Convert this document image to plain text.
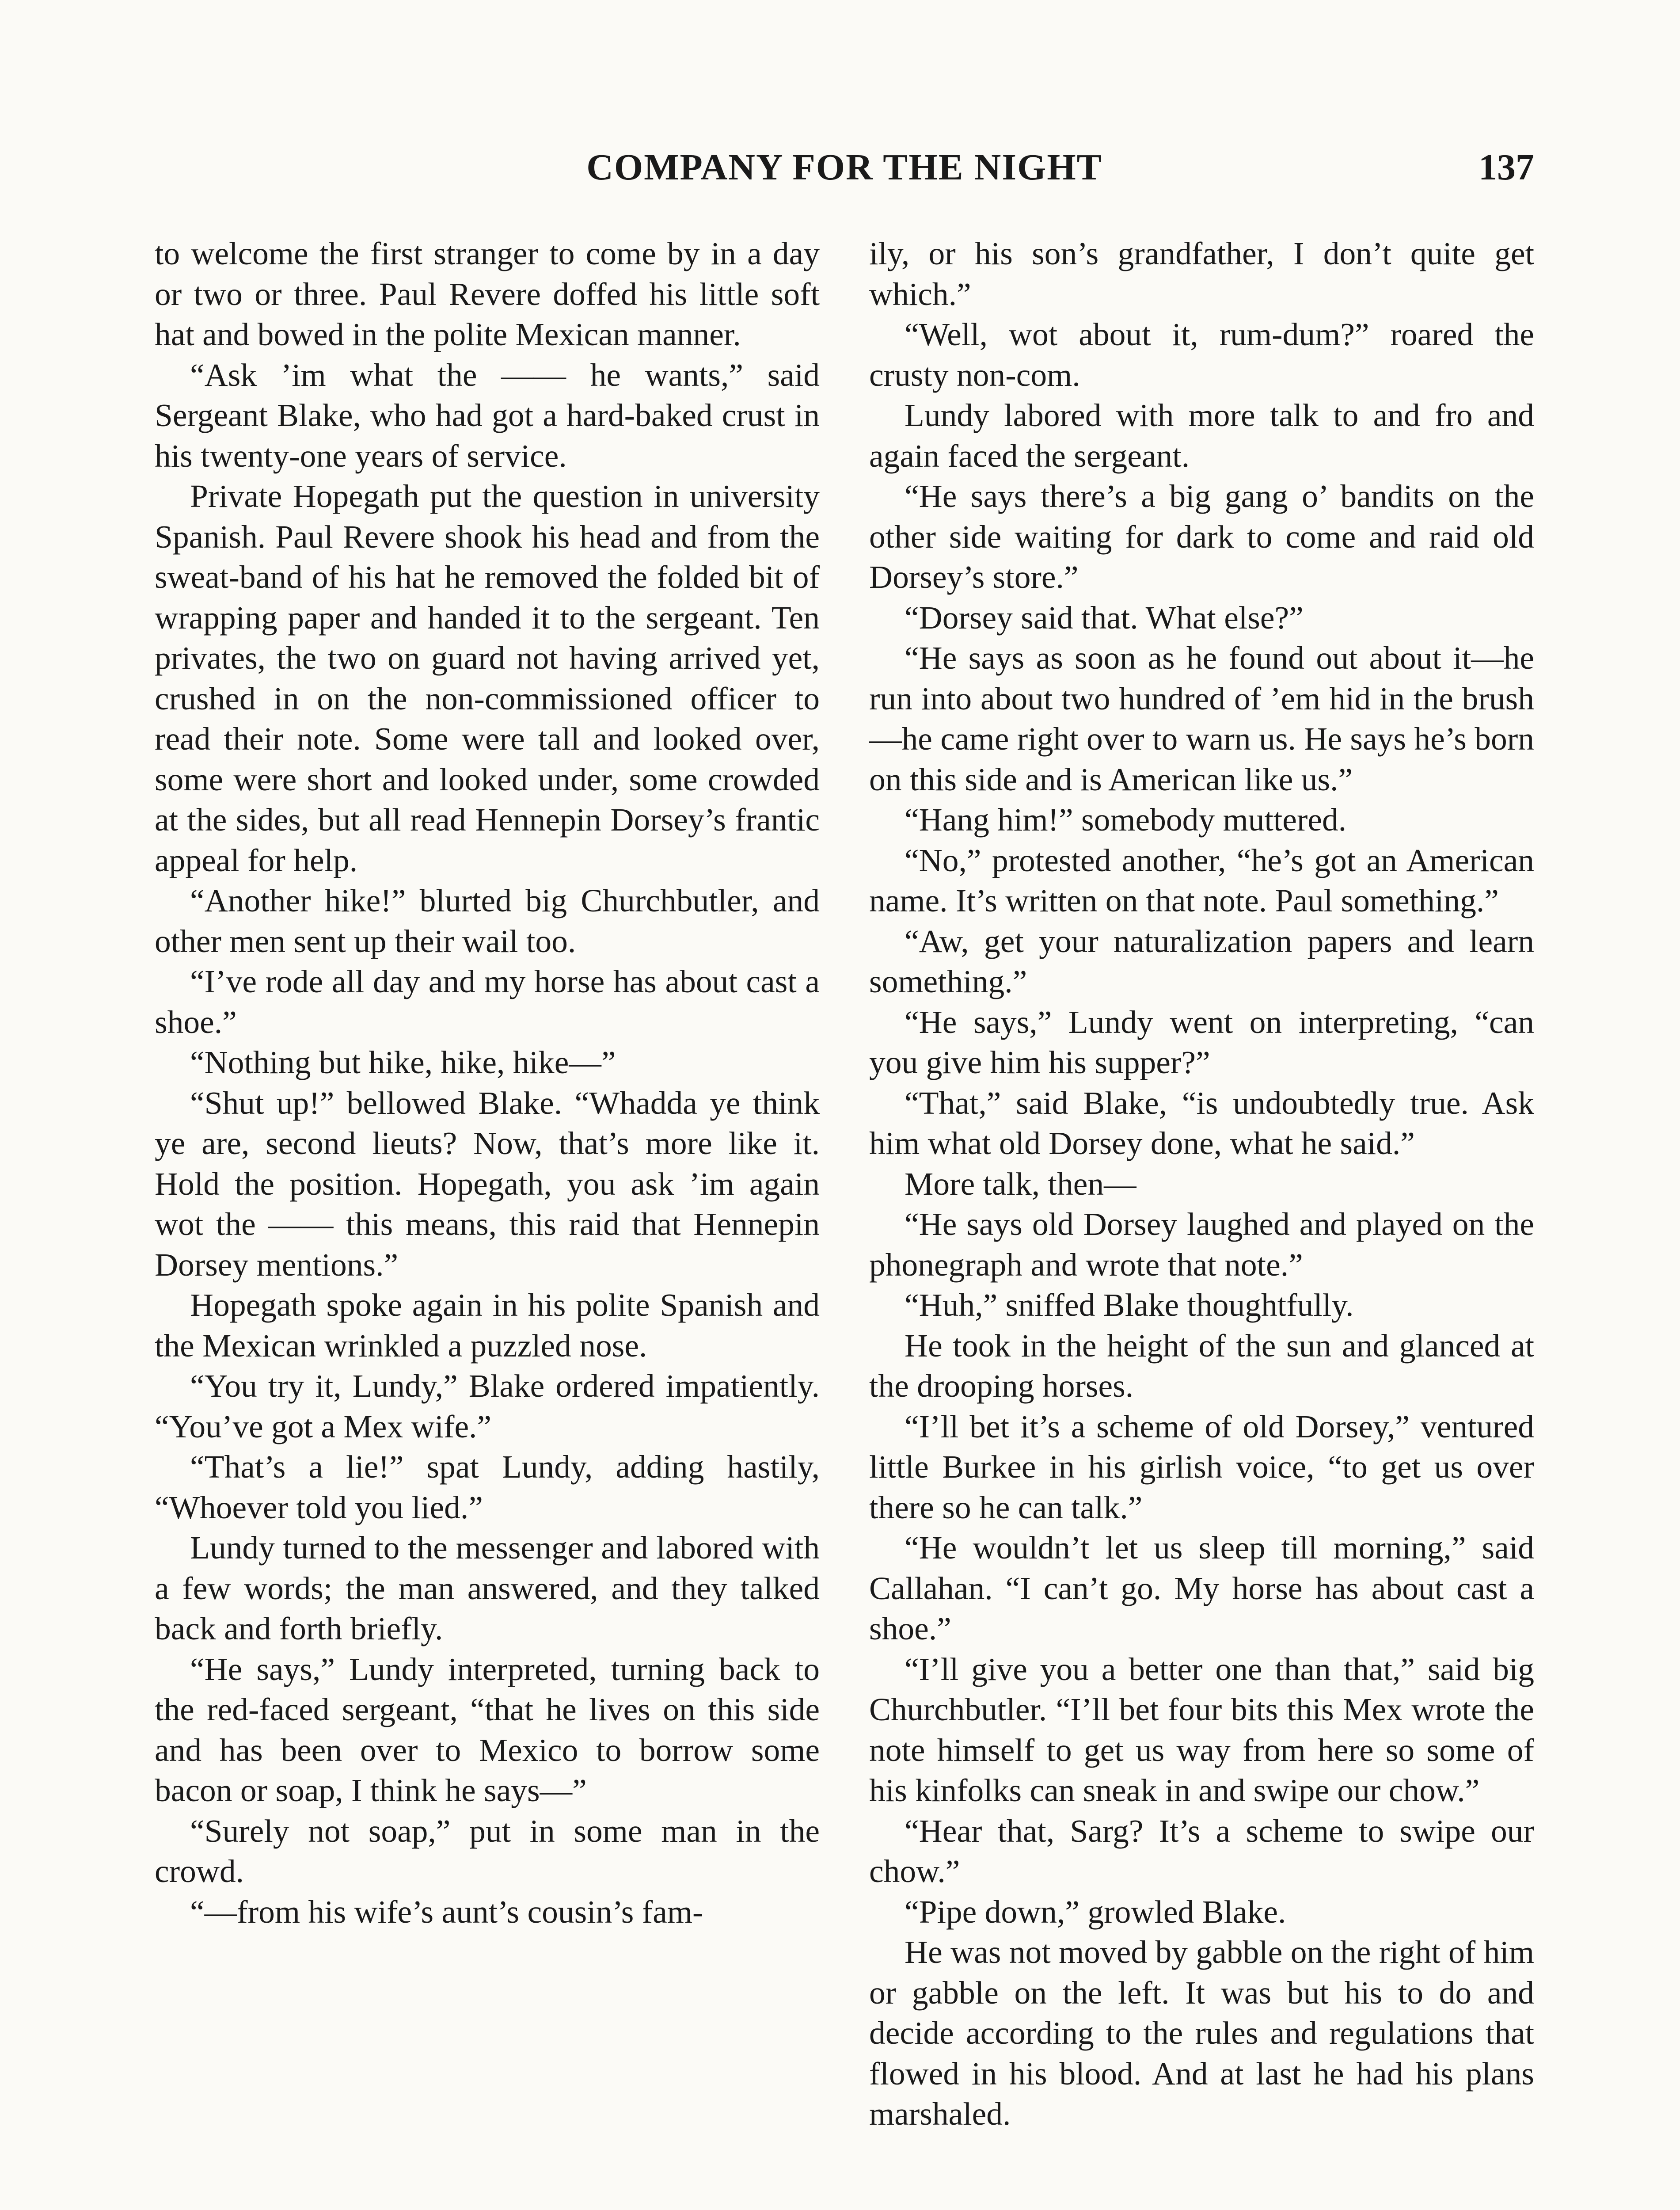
COMPANY FOR THE NIGHT	137

to welcome the first stranger to come by in a day or two or three. Paul Revere doffed his little soft hat and bowed in the polite Mexican manner.

“Ask ’im what the —— he wants,” said Sergeant Blake, who had got a hard-baked crust in his twenty-one years of service.

Private Hopegath put the question in university Spanish. Paul Revere shook his head and from the sweat-band of his hat he removed the folded bit of wrapping paper and handed it to the sergeant. Ten privates, the two on guard not having arrived yet, crushed in on the non-commissioned officer to read their note. Some were tall and looked over, some were short and looked under, some crowded at the sides, but all read Hennepin Dorsey’s frantic appeal for help.

“Another hike!” blurted big Churchbutler, and other men sent up their wail too.

“I’ve rode all day and my horse has about cast a shoe.”

“Nothing but hike, hike, hike—”

“Shut up!” bellowed Blake. “Whadda ye think ye are, second lieuts? Now, that’s more like it. Hold the position. Hopegath, you ask ’im again wot the —— this means, this raid that Hennepin Dorsey mentions.”

Hopegath spoke again in his polite Spanish and the Mexican wrinkled a puzzled nose.

“You try it, Lundy,” Blake ordered impatiently. “You’ve got a Mex wife.”

“That’s a lie!” spat Lundy, adding hastily, “Whoever told you lied.”

Lundy turned to the messenger and labored with a few words; the man answered, and they talked back and forth briefly.

“He says,” Lundy interpreted, turning back to the red-faced sergeant, “that he lives on this side and has been over to Mexico to borrow some bacon or soap, I think he says—”

“Surely not soap,” put in some man in the crowd.

“—from his wife’s aunt’s cousin’s fam-

ily, or his son’s grandfather, I don’t quite get which.”

“Well, wot about it, rum-dum?” roared the crusty non-com.

Lundy labored with more talk to and fro and again faced the sergeant.

“He says there’s a big gang o’ bandits on the other side waiting for dark to come and raid old Dorsey’s store.”

“Dorsey said that. What else?”

“He says as soon as he found out about it—he run into about two hundred of ’em hid in the brush—he came right over to warn us. He says he’s born on this side and is American like us.”

“Hang him!” somebody muttered.

“No,” protested another, “he’s got an American name. It’s written on that note. Paul something.”

“Aw, get your naturalization papers and learn something.”

“He says,” Lundy went on interpreting, “can you give him his supper?”

“That,” said Blake, “is undoubtedly true. Ask him what old Dorsey done, what he said.”

More talk, then—

“He says old Dorsey laughed and played on the phonegraph and wrote that note.”

“Huh,” sniffed Blake thoughtfully.

He took in the height of the sun and glanced at the drooping horses.

“I’ll bet it’s a scheme of old Dorsey,” ventured little Burkee in his girlish voice, “to get us over there so he can talk.”

“He wouldn’t let us sleep till morning,” said Callahan. “I can’t go. My horse has about cast a shoe.”

“I’ll give you a better one than that,” said big Churchbutler. “I’ll bet four bits this Mex wrote the note himself to get us way from here so some of his kinfolks can sneak in and swipe our chow.”

“Hear that, Sarg? It’s a scheme to swipe our chow.”

“Pipe down,” growled Blake.

He was not moved by gabble on the right of him or gabble on the left. It was but his to do and decide according to the rules and regulations that flowed in his blood. And at last he had his plans marshaled.
